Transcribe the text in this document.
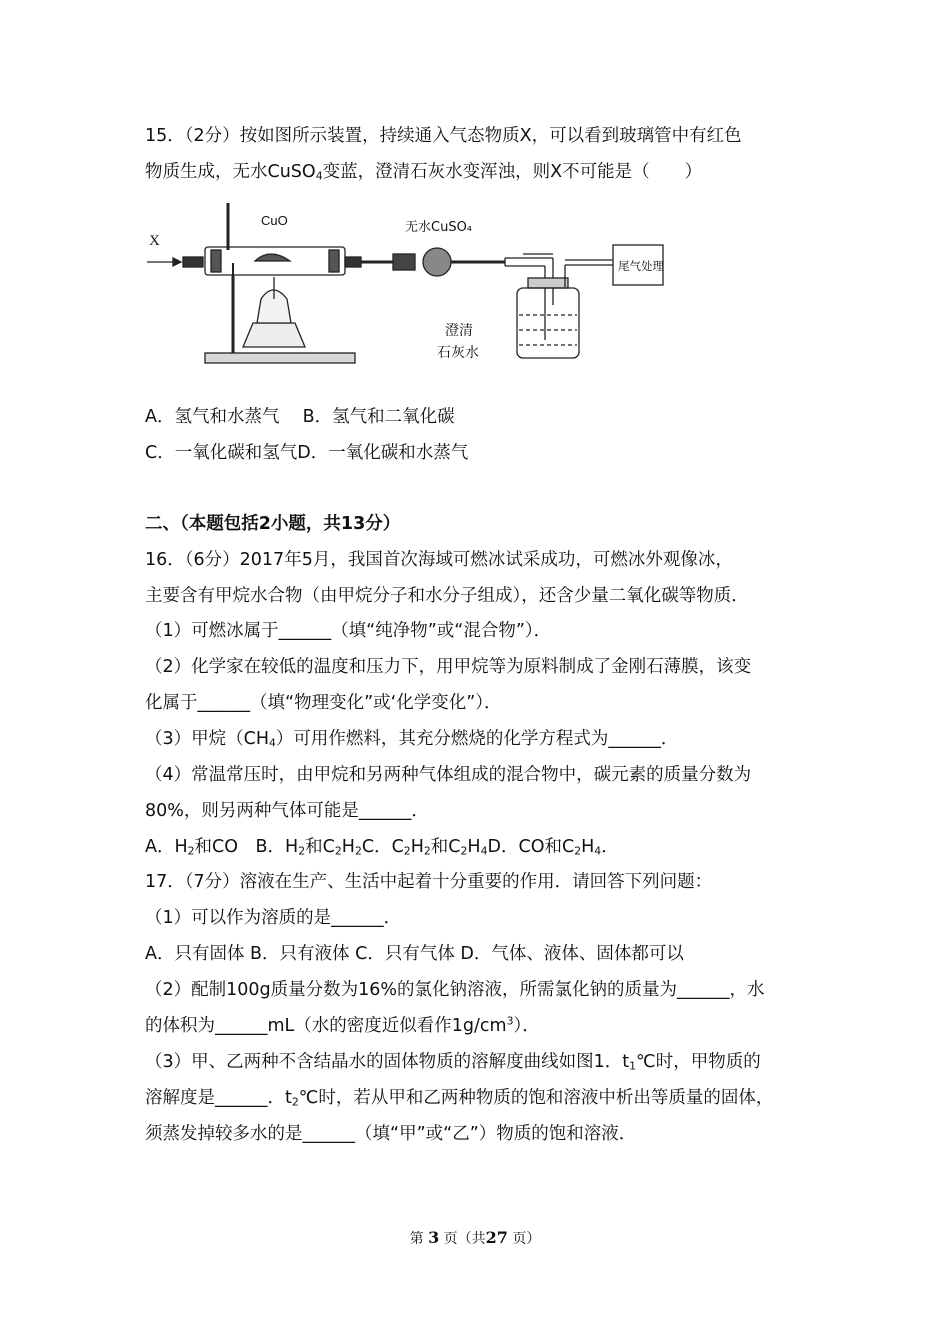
15．（2分）按如图所示装置，持续通入气态物质X，可以看到玻璃管中有红色
物质生成，无水CuSO$_4$变蓝，澄清石灰水变浑浊，则X不可能是（　　）
X
CuO	无水CuSO₄
尾气处理
澄清
石灰水
A．氢气和水蒸气　 B．氢气和二氧化碳
C．一氧化碳和氢气D．一氧化碳和水蒸气
二、（本题包括2小题，共13分）
16．（6分）2017年5月，我国首次海域可燃冰试采成功，可燃冰外观像冰，
主要含有甲烷水合物（由甲烷分子和水分子组成），还含少量二氧化碳等物质．
（1）可燃冰属于______（填“纯净物”或“混合物”）．
（2）化学家在较低的温度和压力下，用甲烷等为原料制成了金刚石薄膜，该变
化属于______（填“物理变化”或‘化学变化”）．
（3）甲烷$(CH_4)$可用作燃料，其充分燃烧的化学方程式为______．
（4）常温常压时，由甲烷和另两种气体组成的混合物中，碳元素的质量分数为
80%，则另两种气体可能是______．
A．$H_2$和CO　B．$H_2$和$C_2H_2C$．$C_2H_2$和$C_2H_4D$．CO和$C_2H_4$．
17．（7分）溶液在生产、生活中起着十分重要的作用．请回答下列问题：
（1）可以作为溶质的是______．
A．只有固体 B．只有液体 C．只有气体 D．气体、液体、固体都可以
（2）配制100g质量分数为16%的氯化钠溶液，所需氯化钠的质量为______，水
的体积为______mL（水的密度近似看作$1g/cm^3$）．
（3）甲、乙两种不含结晶水的固体物质的溶解度曲线如图1．$t_1℃$时，甲物质的
溶解度是______．$t_2℃$时，若从甲和乙两种物质的饱和溶液中析出等质量的固体，
须蒸发掉较多水的是______（填“甲”或“乙”）物质的饱和溶液．
第 3 页（共27 页）
